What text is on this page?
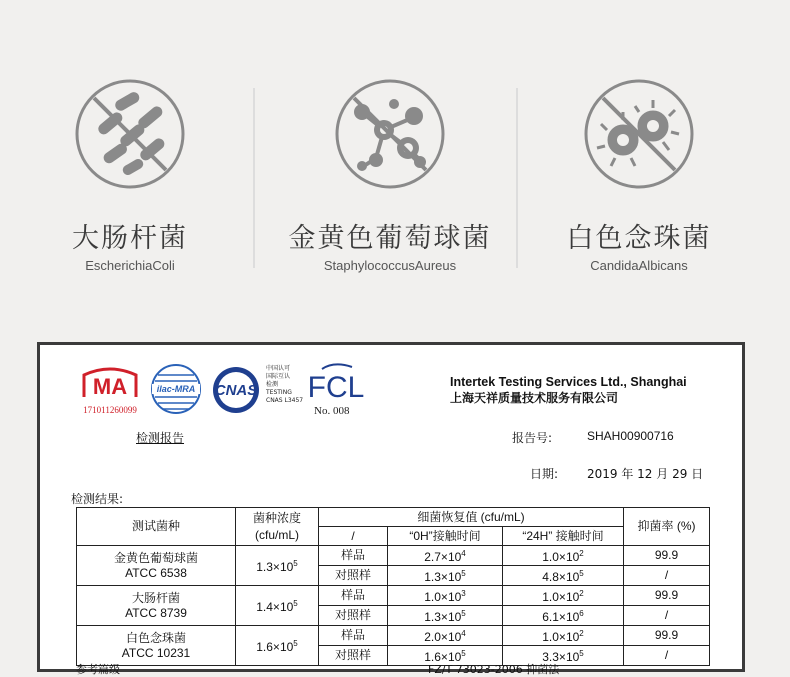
大肠杆菌
EscherichiaColi
金黄色葡萄球菌
StaphylococcusAureus
白色念珠菌
CandidaAlbicans
MA
171011260099
ilac-MRA CNAS
中国认可
国际互认
检测
TESTING
CNAS L3457 FCL
No. 008
Intertek Testing Services Ltd., Shanghai
上海天祥质量技术服务有限公司
检测报告	报告号:	SHAH00900716
日期: 2019 年 12 月 29 日
检测结果:
测试菌种	菌种浓度
(cfu/mL)	细菌恢复值 (cfu/mL)			抑菌率 (%)
		/	“0H”接触时间	“24H” 接触时间	

金黄色葡萄球菌
ATCC 6538	$1.3\times 10^5$	样品	$2.7\times 10^4$	$1.0\times 10^2$	99.9
		对照样	$1.3\times 10^5$	$4.8\times 10^5$	/

大肠杆菌
ATCC 8739	$1.4\times 10^5$	样品	$1.0\times 10^3$	$1.0\times 10^2$	99.9
		对照样	$1.3\times 10^5$	$6.1\times 10^6$	/

白色念珠菌
ATCC 10231	$1.6\times 10^5$	样品	$2.0\times 10^4$	$1.0\times 10^2$	99.9
		对照样	$1.6\times 10^5$	$3.3\times 10^5$	/
参考篇级	FZ/T 73023-2006 抑菌法
